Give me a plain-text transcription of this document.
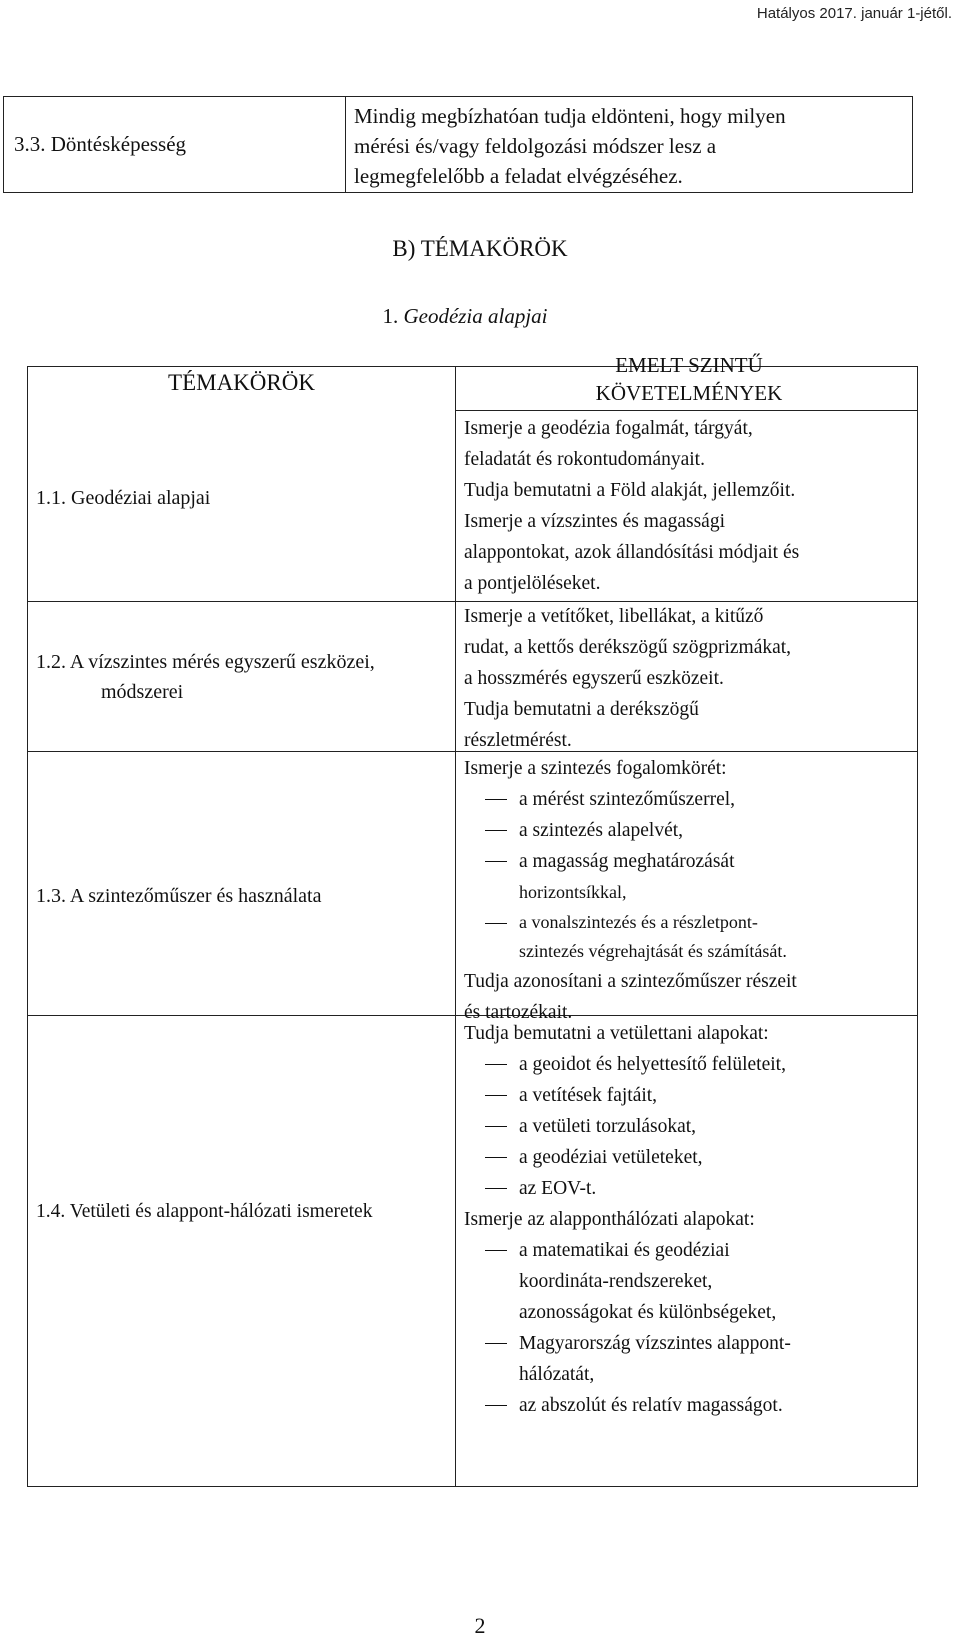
Hatályos 2017. január 1-jétől.
3.3. Döntésképesség
Mindig megbízhatóan tudja eldönteni, hogy milyen
mérési és/vagy feldolgozási módszer lesz a
legmegfelelőbb a feladat elvégzéséhez.
B) TÉMAKÖRÖK
1. Geodézia alapjai
TÉMAKÖRÖK
EMELT SZINTŰ
KÖVETELMÉNYEK
1.1. Geodéziai alapjai

Ismerje a geodézia fogalmát, tárgyát,

feladatát és rokontudományait.

Tudja bemutatni a Föld alakját, jellemzőit.

Ismerje a vízszintes és magassági

alappontokat, azok állandósítási módjait és

a pontjelöléseket.

1.2. A vízszintes mérés egyszerű eszközei,
módszerei

Ismerje a vetítőket, libellákat, a kitűző

rudat, a kettős derékszögű szögprizmákat,

a hosszmérés egyszerű eszközeit.

Tudja bemutatni a derékszögű

részletmérést.

1.3. A szintezőműszer és használata

Ismerje a szintezés fogalomkörét:

a mérést szintezőműszerrel,
a szintezés alapelvét,
a magasság meghatározását
horizontsíkkal,
a vonalszintezés és a részletpont-
szintezés végrehajtását és számítását.

Tudja azonosítani a szintezőműszer részeit

és tartozékait.

1.4. Vetületi és alappont-hálózati ismeretek

Tudja bemutatni a vetülettani alapokat:

a geoidot és helyettesítő felületeit,
a vetítések fajtáit,
a vetületi torzulásokat,
a geodéziai vetületeket,
az EOV-t.

Ismerje az alapponthálózati alapokat:

a matematikai és geodéziai
koordináta-rendszereket,
azonosságokat és különbségeket,
Magyarország vízszintes alappont-
hálózatát,
az abszolút és relatív magasságot.
2
